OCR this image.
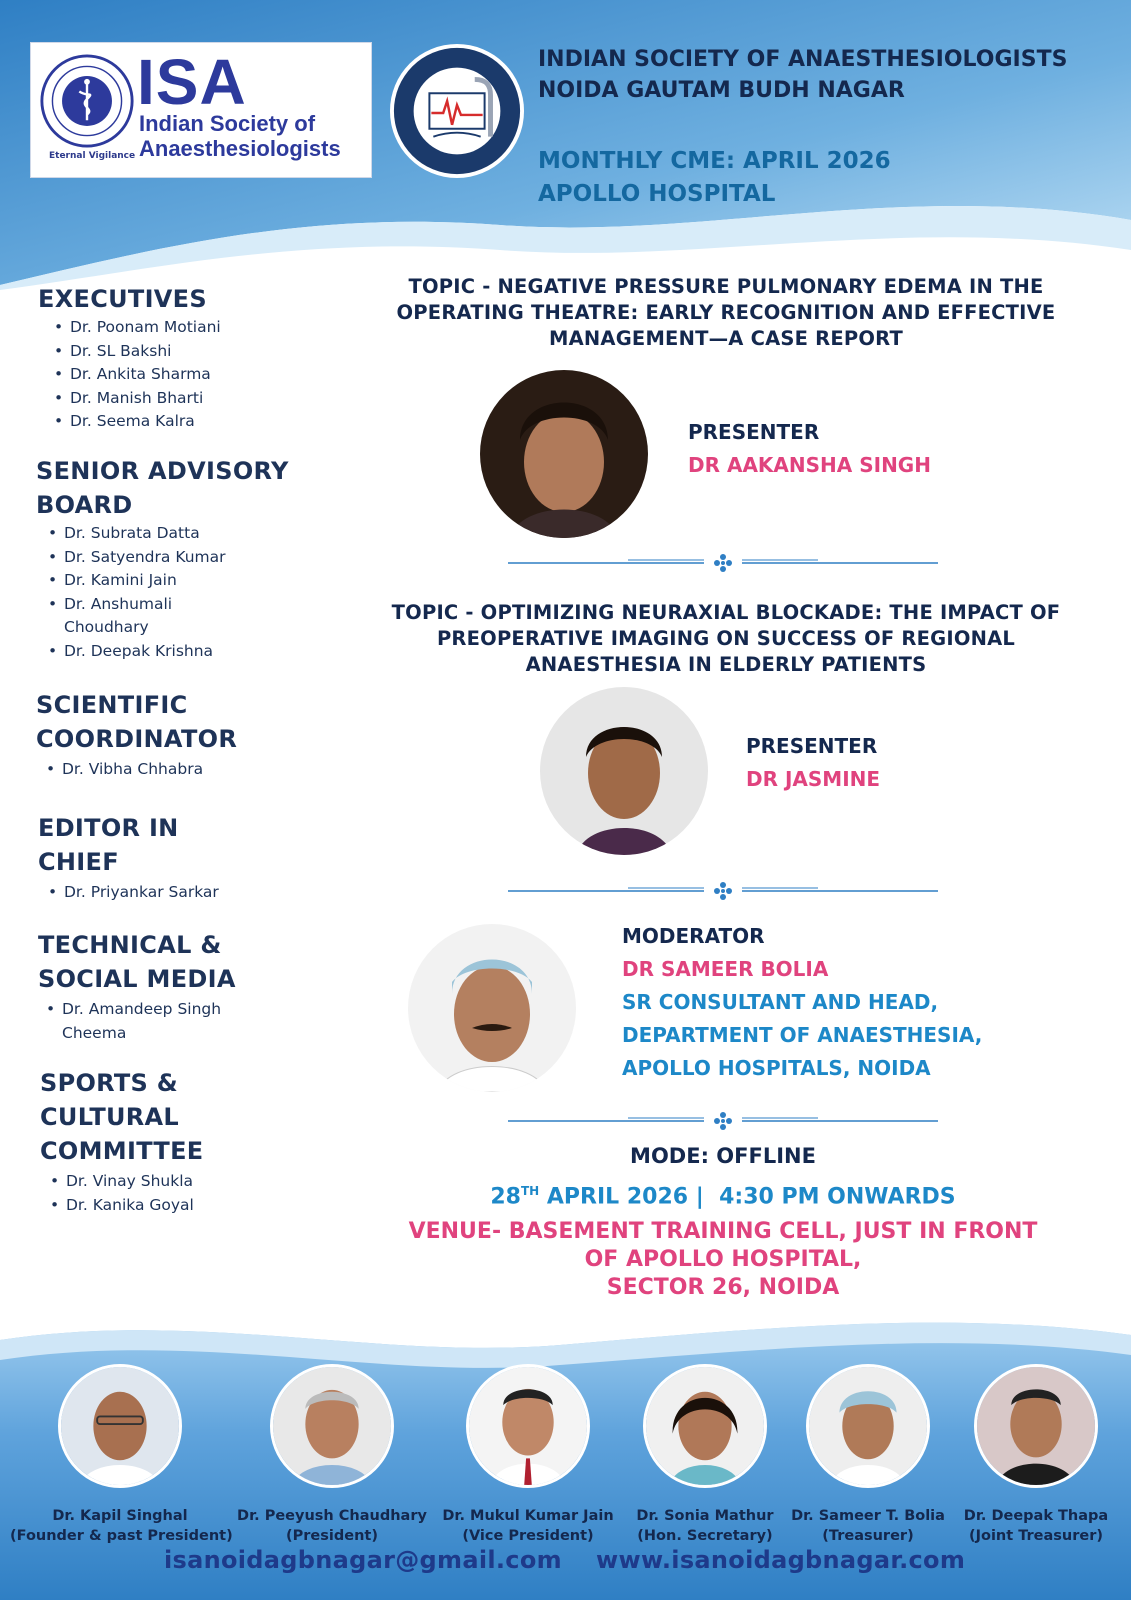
Eternal Vigilance
ISA
Indian Society of
Anaesthesiologists
INDIAN SOCIETY OF ANAESTHESIOLOGISTS
NOIDA GAUTAM BUDH NAGAR
MONTHLY CME: APRIL 2026
APOLLO HOSPITAL
EXECUTIVES
• Dr. Poonam Motiani
• Dr. SL Bakshi
• Dr. Ankita Sharma
• Dr. Manish Bharti
• Dr. Seema Kalra
SENIOR ADVISORY
BOARD
• Dr. Subrata Datta
• Dr. Satyendra Kumar
• Dr. Kamini Jain
• Dr. Anshumali Choudhary
• Dr. Deepak Krishna
SCIENTIFIC
COORDINATOR
• Dr. Vibha Chhabra
EDITOR IN
CHIEF
• Dr. Priyankar Sarkar
TECHNICAL &
SOCIAL MEDIA
• Dr. Amandeep Singh Cheema
SPORTS &
CULTURAL
COMMITTEE
• Dr. Vinay Shukla
• Dr. Kanika Goyal
TOPIC - NEGATIVE PRESSURE PULMONARY EDEMA IN THE
OPERATING THEATRE: EARLY RECOGNITION AND EFFECTIVE
MANAGEMENT—A CASE REPORT
PRESENTER
DR AAKANSHA SINGH
TOPIC - OPTIMIZING NEURAXIAL BLOCKADE: THE IMPACT OF
PREOPERATIVE IMAGING ON SUCCESS OF REGIONAL
ANAESTHESIA IN ELDERLY PATIENTS
PRESENTER
DR JASMINE
MODERATOR
DR SAMEER BOLIA
SR CONSULTANT AND HEAD,
DEPARTMENT OF ANAESTHESIA,
APOLLO HOSPITALS, NOIDA
MODE: OFFLINE
28TH APRIL 2026 |  4:30 PM ONWARDS
VENUE- BASEMENT TRAINING CELL, JUST IN FRONT
OF APOLLO HOSPITAL,
SECTOR 26, NOIDA
Dr. Kapil Singhal
(Founder & past President)
Dr. Peeyush Chaudhary
(President)
Dr. Mukul Kumar Jain
(Vice President)
Dr. Sonia Mathur
(Hon. Secretary)
Dr. Sameer T. Bolia
(Treasurer)
Dr. Deepak Thapa
(Joint Treasurer)
isanoidagbnagar@gmail.com www.isanoidagbnagar.com
